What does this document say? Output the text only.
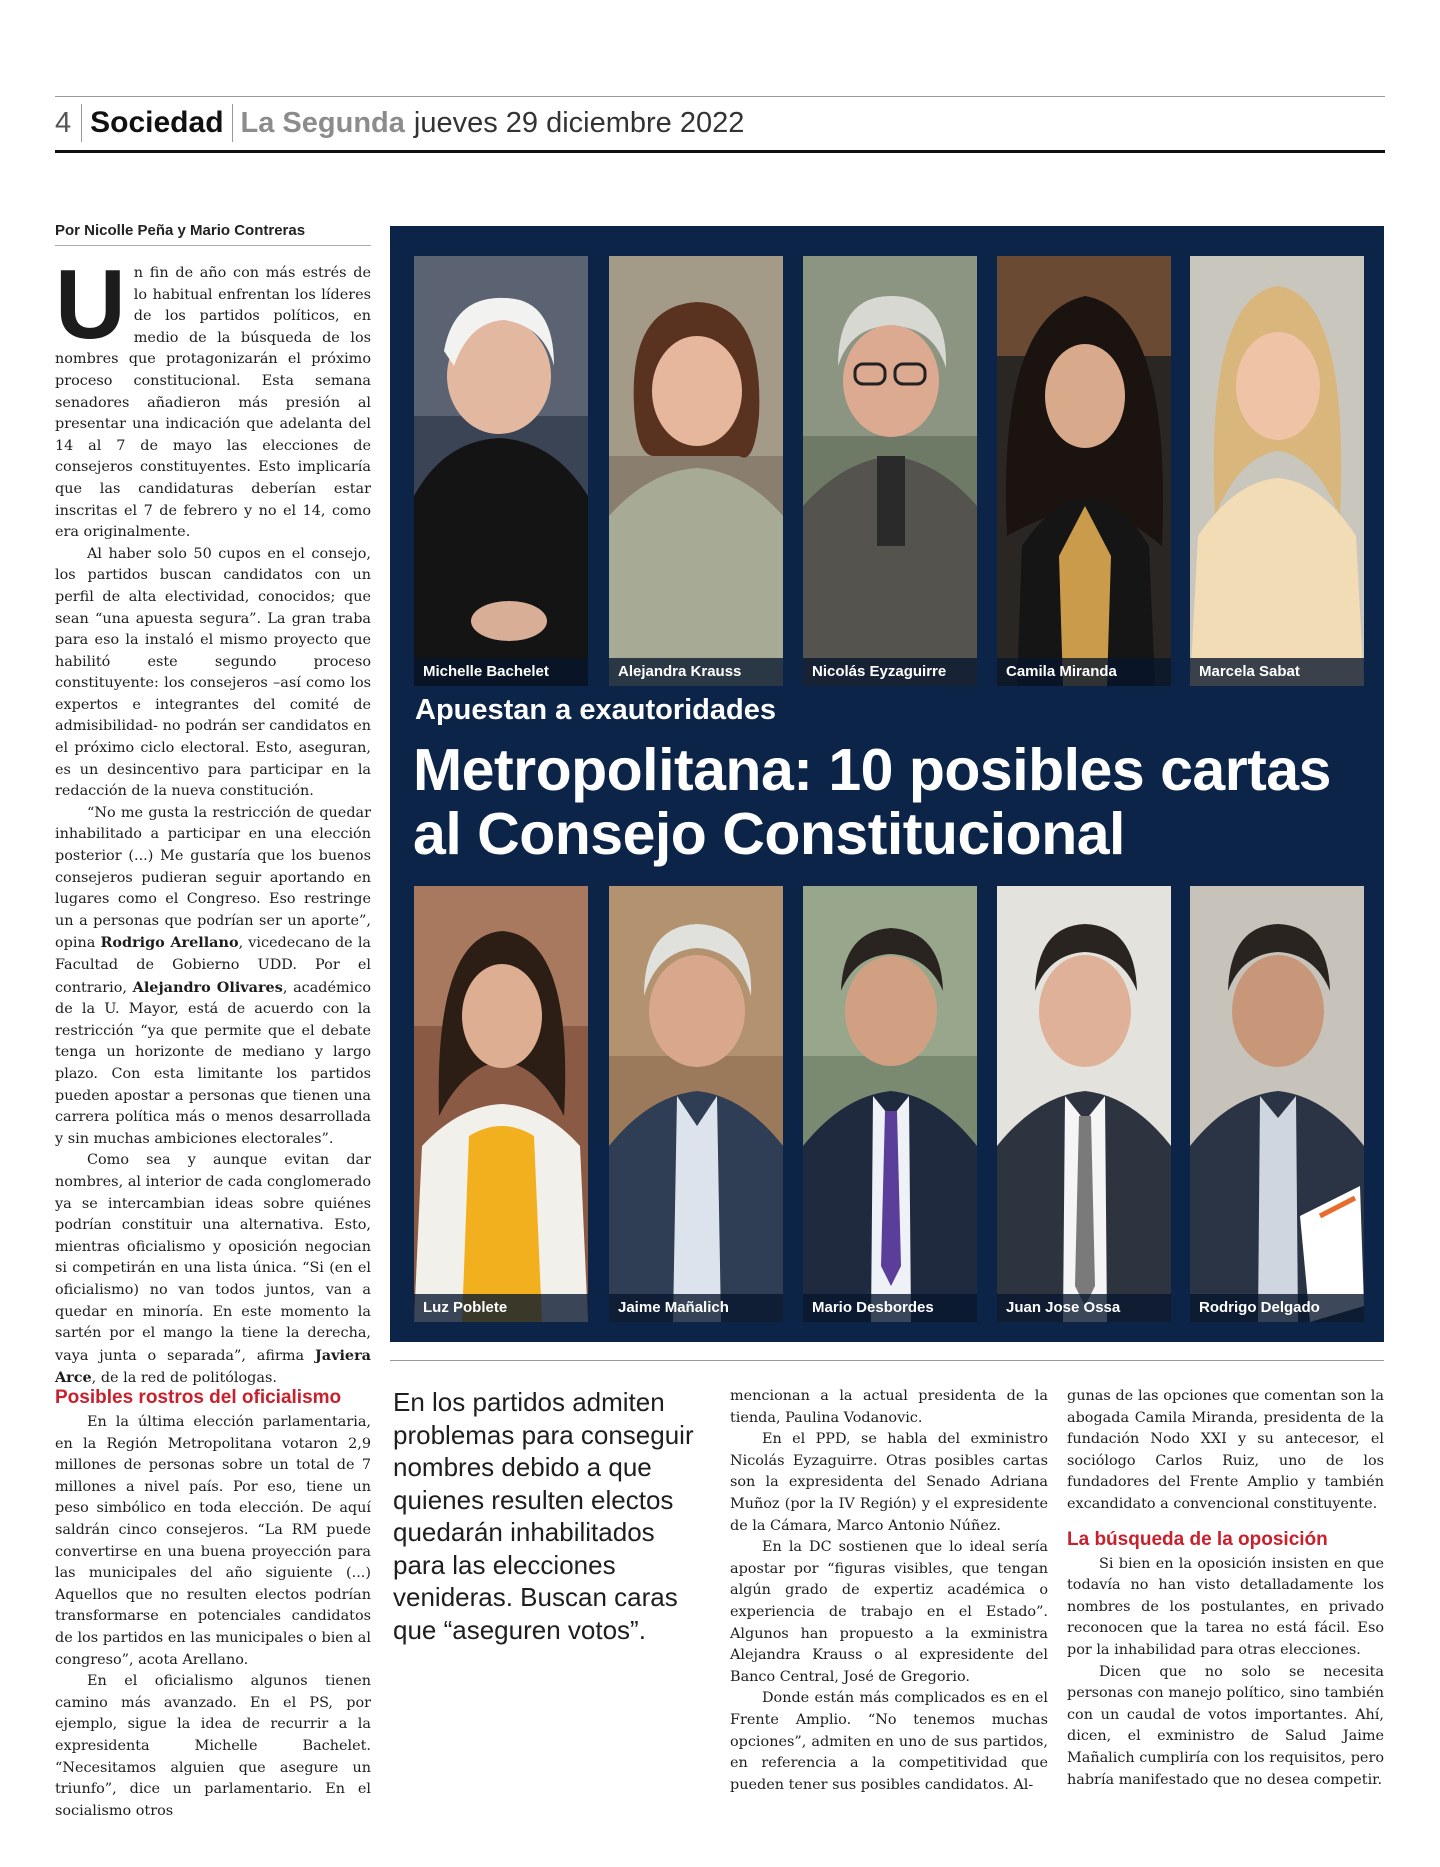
4 Sociedad La Segunda jueves 29 diciembre 2022
Por Nicolle Peña y Mario Contreras

Un fin de año con más estrés de lo habitual enfrentan los líderes de los partidos políticos, en medio de la búsqueda de los nombres que protagonizarán el próximo proceso constitucional. Esta semana senadores añadieron más presión al presentar una indicación que adelanta del 14 al 7 de mayo las elecciones de consejeros constituyentes. Esto implicaría que las candidaturas deberían estar inscritas el 7 de febrero y no el 14, como era originalmente.

Al haber solo 50 cupos en el consejo, los partidos buscan candidatos con un perfil de alta electividad, conocidos; que sean “una apuesta segura”. La gran traba para eso la instaló el mismo proyecto que habilitó este segundo proceso constituyente: los consejeros –así como los expertos e integrantes del comité de admisibilidad- no podrán ser candidatos en el próximo ciclo electoral. Esto, aseguran, es un desincentivo para participar en la redacción de la nueva constitución.

“No me gusta la restricción de quedar inhabilitado a participar en una elección posterior (...) Me gustaría que los buenos consejeros pudieran seguir aportando en lugares como el Congreso. Eso restringe un a personas que podrían ser un aporte”, opina Rodrigo Arellano, vicedecano de la Facultad de Gobierno UDD. Por el contrario, Alejandro Olivares, académico de la U. Mayor, está de acuerdo con la restricción “ya que permite que el debate tenga un horizonte de mediano y largo plazo. Con esta limitante los partidos pueden apostar a personas que tienen una carrera política más o menos desarrollada y sin muchas ambiciones electorales”.

Como sea y aunque evitan dar nombres, al interior de cada conglomerado ya se intercambian ideas sobre quiénes podrían constituir una alternativa. Esto, mientras oficialismo y oposición negocian si competirán en una lista única. “Si (en el oficialismo) no van todos juntos, van a quedar en minoría. En este momento la sartén por el mango la tiene la derecha, vaya junta o separada”, afirma Javiera Arce, de la red de politólogas.

Michelle Bachelet	Alejandra Krauss	Nicolás Eyzaguirre	Camila Miranda	Marcela Sabat
Apuestan a exautoridades
Metropolitana: 10 posibles cartas al Consejo Constitucional
Luz Poblete	Jaime Mañalich	Mario Desbordes	Juan Jose Ossa	Rodrigo Delgado
Posibles rostros del oficialismo

En la última elección parlamentaria, en la Región Metropolitana votaron 2,9 millones de personas sobre un total de 7 millones a nivel país. Por eso, tiene un peso simbólico en toda elección. De aquí saldrán cinco consejeros. “La RM puede convertirse en una buena proyección para las municipales del año siguiente (...) Aquellos que no resulten electos podrían transformarse en potenciales candidatos de los partidos en las municipales o bien al congreso”, acota Arellano.

En el oficialismo algunos tienen camino más avanzado. En el PS, por ejemplo, sigue la idea de recurrir a la expresidenta Michelle Bachelet. “Necesitamos alguien que asegure un triunfo”, dice un parlamentario. En el socialismo otros

En los partidos admiten problemas para conseguir nombres debido a que quienes resulten electos quedarán inhabilitados para las elecciones venideras. Buscan caras que “aseguren votos”.

mencionan a la actual presidenta de la tienda, Paulina Vodanovic.

En el PPD, se habla del exministro Nicolás Eyzaguirre. Otras posibles cartas son la expresidenta del Senado Adriana Muñoz (por la IV Región) y el expresidente de la Cámara, Marco Antonio Núñez.

En la DC sostienen que lo ideal sería apostar por “figuras visibles, que tengan algún grado de expertiz académica o experiencia de trabajo en el Estado”. Algunos han propuesto a la exministra Alejandra Krauss o al expresidente del Banco Central, José de Gregorio.

Donde están más complicados es en el Frente Amplio. “No tenemos muchas opciones”, admiten en uno de sus partidos, en referencia a la competitividad que pueden tener sus posibles candidatos. Al-

gunas de las opciones que comentan son la abogada Camila Miranda, presidenta de la fundación Nodo XXI y su antecesor, el sociólogo Carlos Ruiz, uno de los fundadores del Frente Amplio y también excandidato a convencional constituyente.

La búsqueda de la oposición

Si bien en la oposición insisten en que todavía no han visto detalladamente los nombres de los postulantes, en privado reconocen que la tarea no está fácil. Eso por la inhabilidad para otras elecciones.

Dicen que no solo se necesita personas con manejo político, sino también con un caudal de votos importantes. Ahí, dicen, el exministro de Salud Jaime Mañalich cumpliría con los requisitos, pero habría manifestado que no desea competir.
